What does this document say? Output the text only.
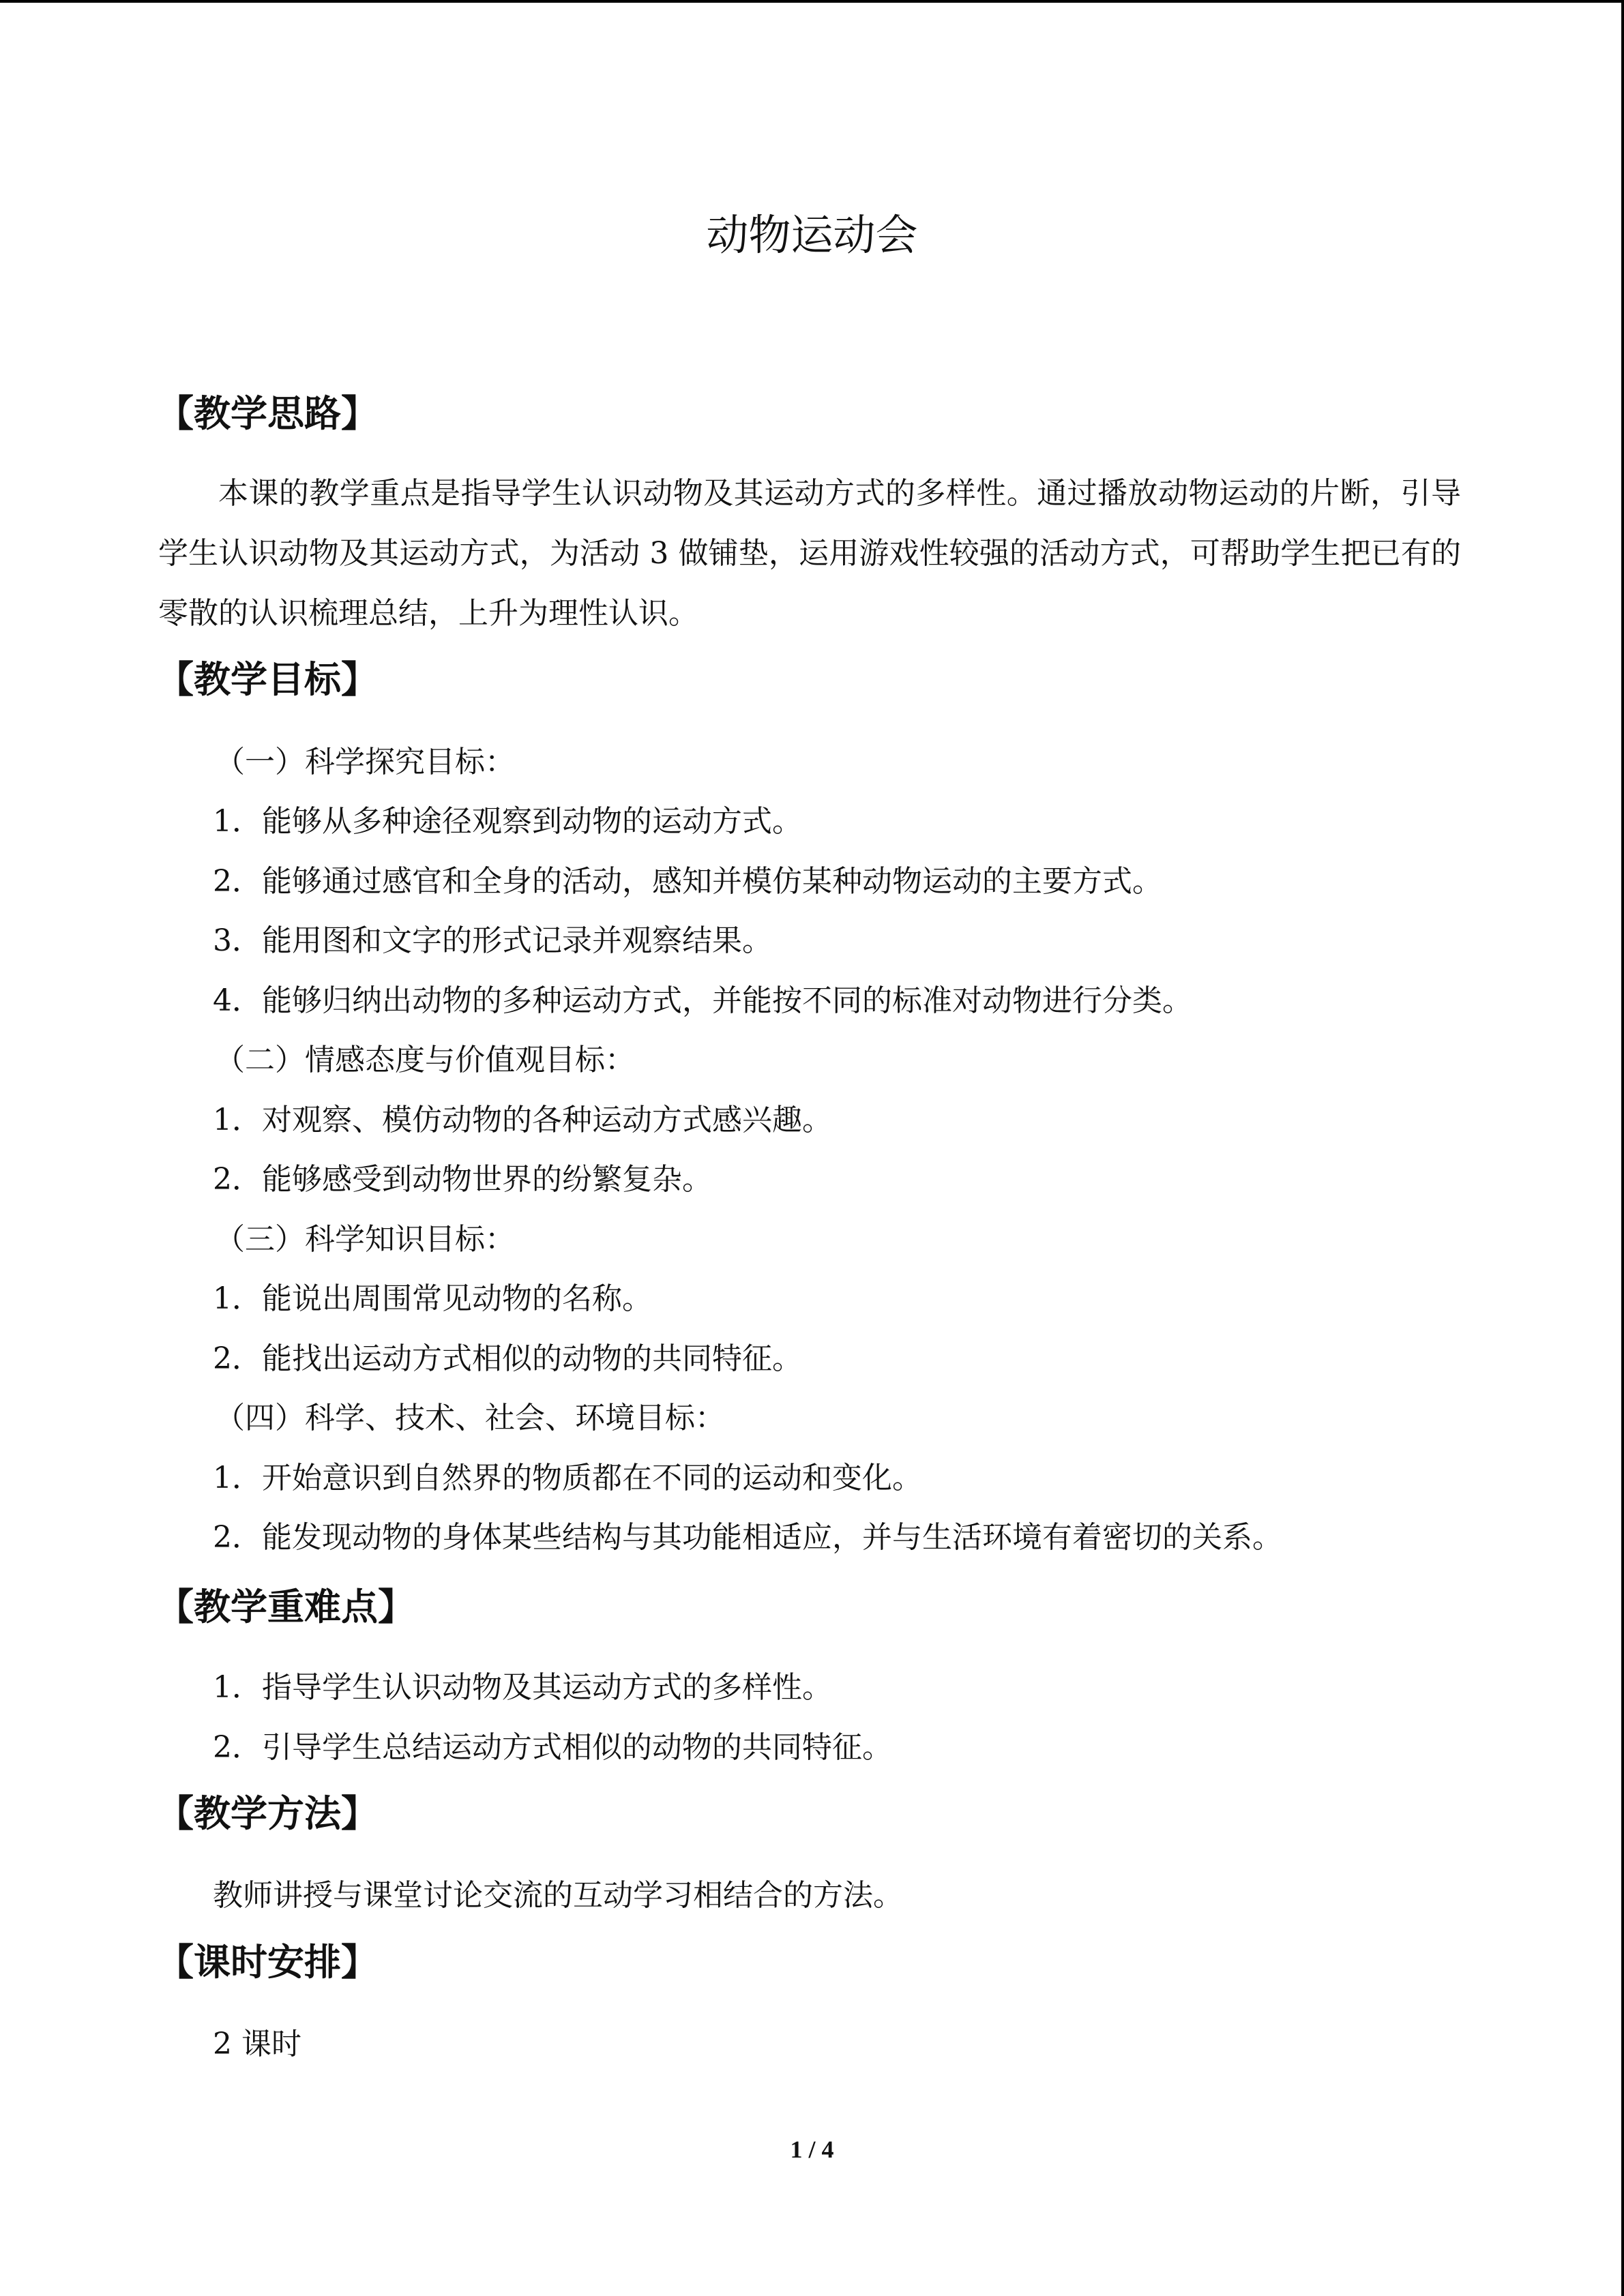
动物运动会
【教学思路】
本课的教学重点是指导学生认识动物及其运动方式的多样性。通过播放动物运动的片断，引导学生认识动物及其运动方式，为活动 3 做铺垫，运用游戏性较强的活动方式，可帮助学生把已有的零散的认识梳理总结，上升为理性认识。
【教学目标】
（一）科学探究目标：
1．能够从多种途径观察到动物的运动方式。
2．能够通过感官和全身的活动，感知并模仿某种动物运动的主要方式。
3．能用图和文字的形式记录并观察结果。
4．能够归纳出动物的多种运动方式，并能按不同的标准对动物进行分类。
（二）情感态度与价值观目标：
1．对观察、模仿动物的各种运动方式感兴趣。
2．能够感受到动物世界的纷繁复杂。
（三）科学知识目标：
1．能说出周围常见动物的名称。
2．能找出运动方式相似的动物的共同特征。
（四）科学、技术、社会、环境目标：
1．开始意识到自然界的物质都在不同的运动和变化。
2．能发现动物的身体某些结构与其功能相适应，并与生活环境有着密切的关系。
【教学重难点】
1．指导学生认识动物及其运动方式的多样性。
2．引导学生总结运动方式相似的动物的共同特征。
【教学方法】
教师讲授与课堂讨论交流的互动学习相结合的方法。
【课时安排】
2 课时
1 / 4
